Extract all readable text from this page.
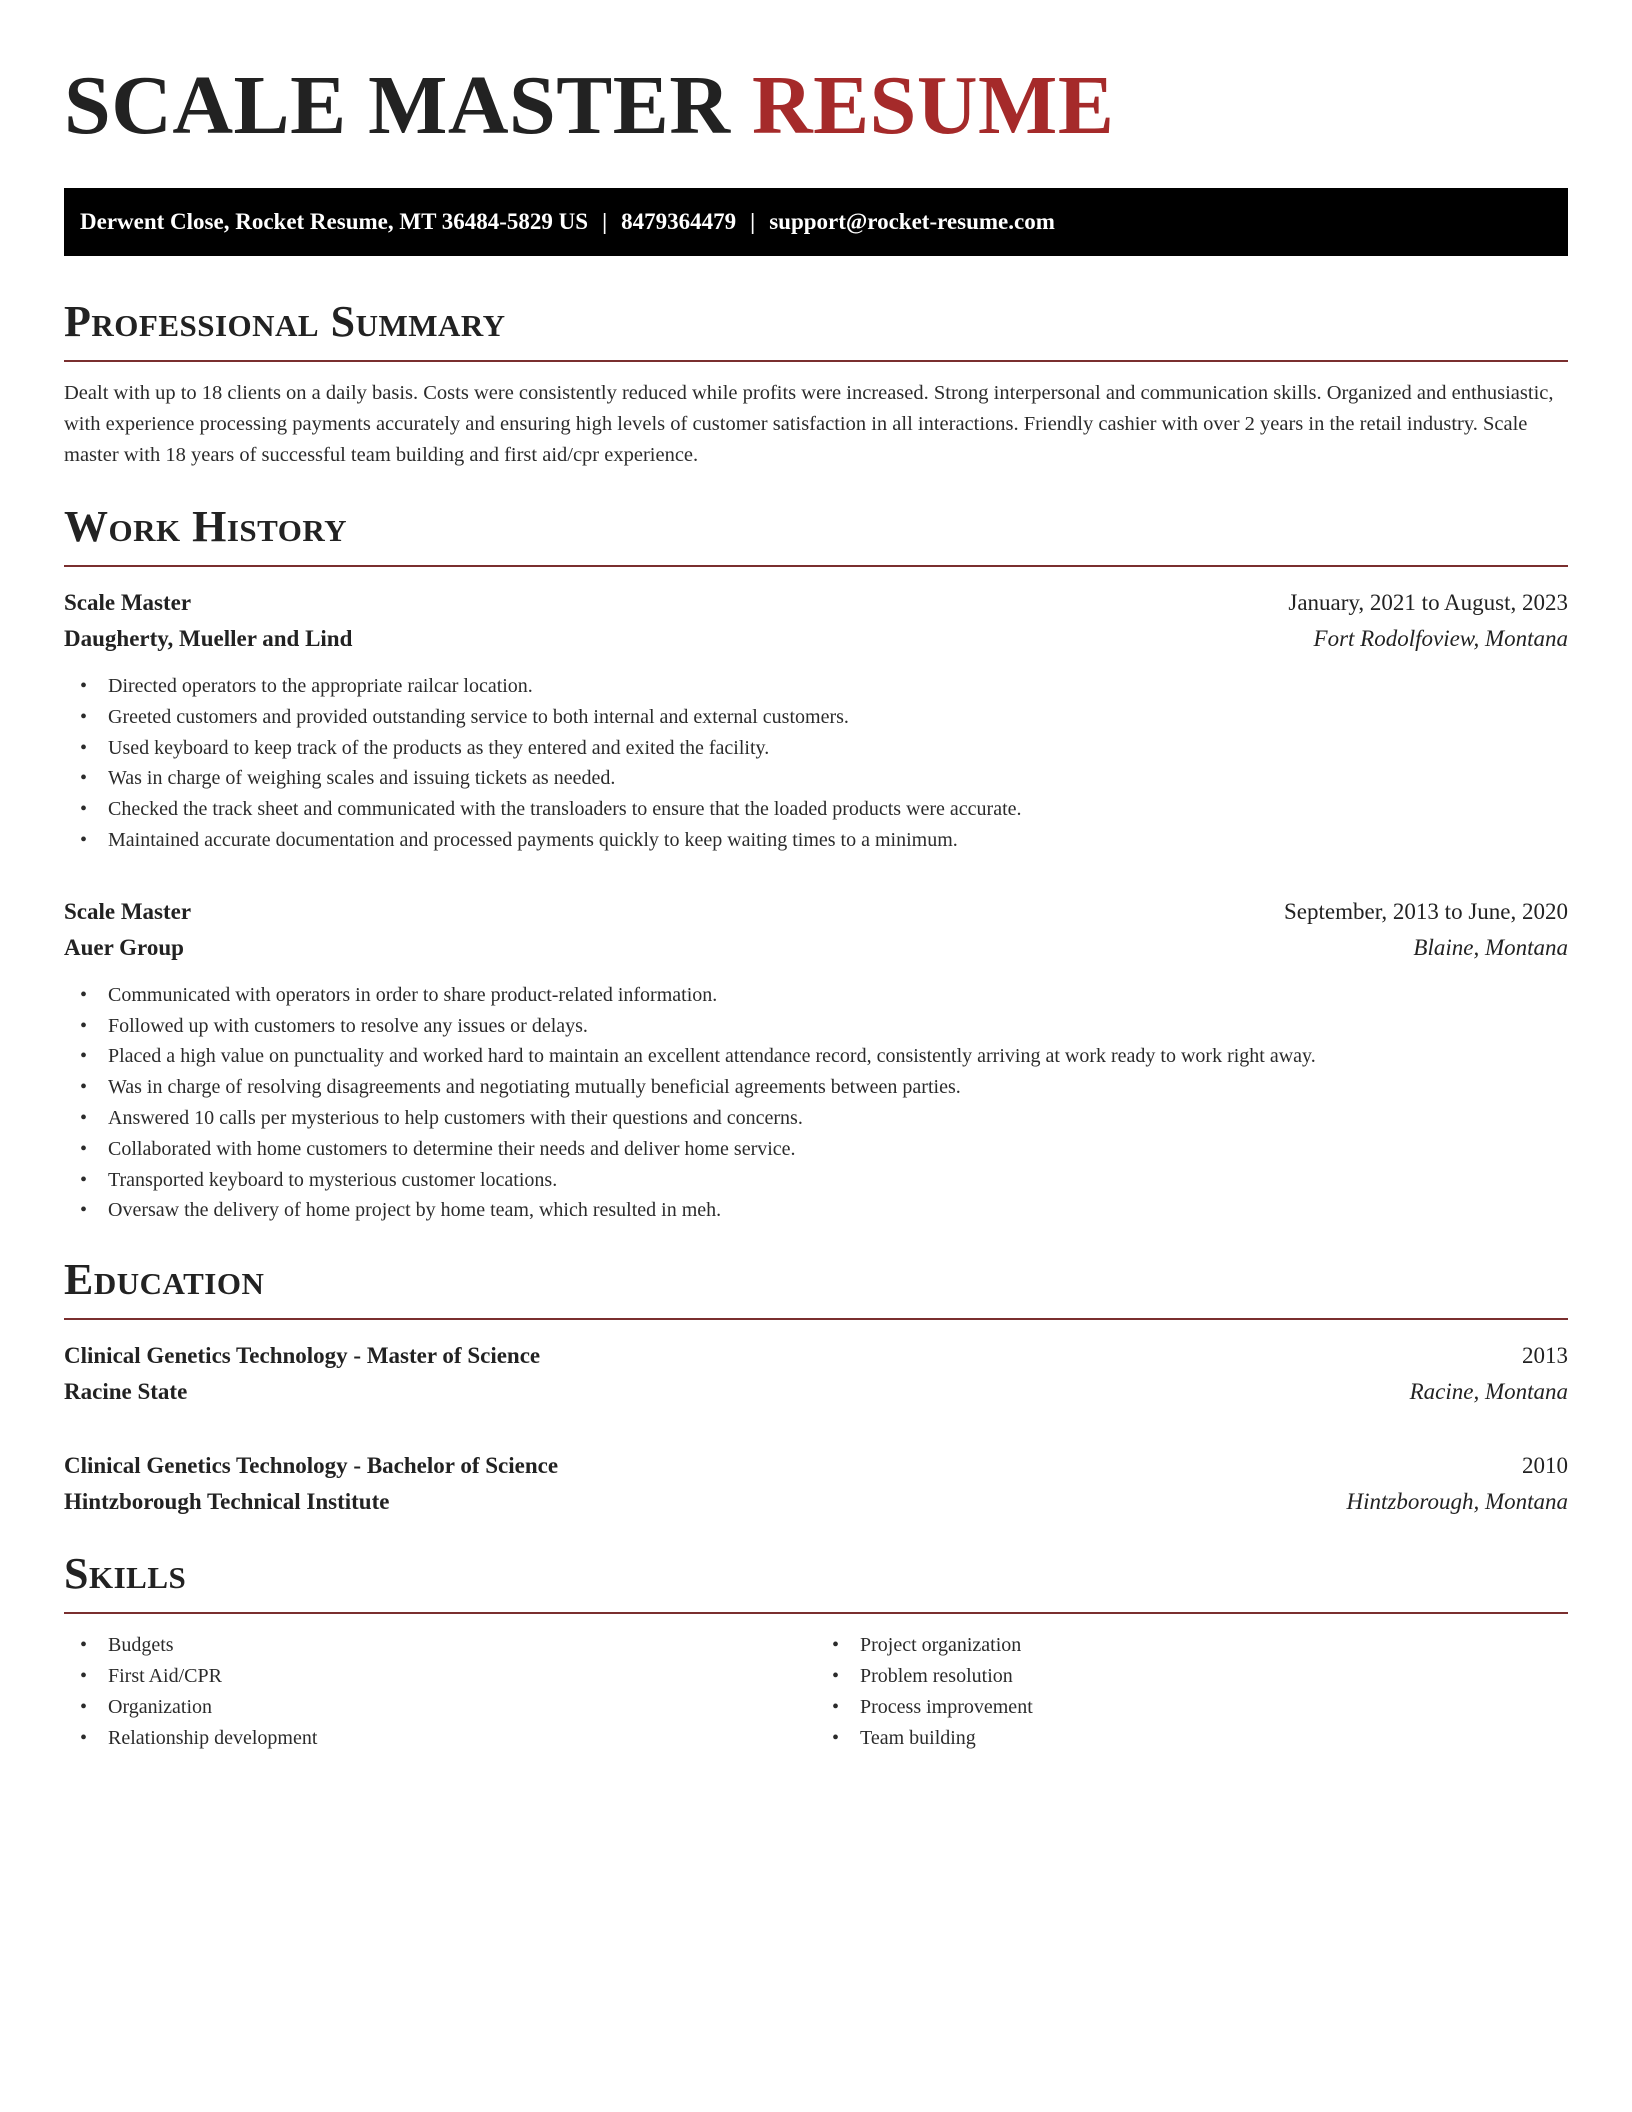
SCALE MASTER RESUME
Derwent Close, Rocket Resume, MT 36484-5829 US | 8479364479 | support@rocket-resume.com
Professional Summary
Dealt with up to 18 clients on a daily basis. Costs were consistently reduced while profits were increased. Strong interpersonal and communication skills. Organized and enthusiastic, with experience processing payments accurately and ensuring high levels of customer satisfaction in all interactions. Friendly cashier with over 2 years in the retail industry. Scale master with 18 years of successful team building and first aid/cpr experience.
Work History
Scale Master	January, 2021 to August, 2023
Daugherty, Mueller and Lind	Fort Rodolfoview, Montana
• Directed operators to the appropriate railcar location.
• Greeted customers and provided outstanding service to both internal and external customers.
• Used keyboard to keep track of the products as they entered and exited the facility.
• Was in charge of weighing scales and issuing tickets as needed.
• Checked the track sheet and communicated with the transloaders to ensure that the loaded products were accurate.
• Maintained accurate documentation and processed payments quickly to keep waiting times to a minimum.
Scale Master	September, 2013 to June, 2020
Auer Group	Blaine, Montana
• Communicated with operators in order to share product-related information.
• Followed up with customers to resolve any issues or delays.
• Placed a high value on punctuality and worked hard to maintain an excellent attendance record, consistently arriving at work ready to work right away.
• Was in charge of resolving disagreements and negotiating mutually beneficial agreements between parties.
• Answered 10 calls per mysterious to help customers with their questions and concerns.
• Collaborated with home customers to determine their needs and deliver home service.
• Transported keyboard to mysterious customer locations.
• Oversaw the delivery of home project by home team, which resulted in meh.
Education
Clinical Genetics Technology - Master of Science	2013
Racine State	Racine, Montana
Clinical Genetics Technology - Bachelor of Science	2010
Hintzborough Technical Institute	Hintzborough, Montana
Skills
• Budgets
• First Aid/CPR
• Organization
• Relationship development
• Project organization
• Problem resolution
• Process improvement
• Team building
